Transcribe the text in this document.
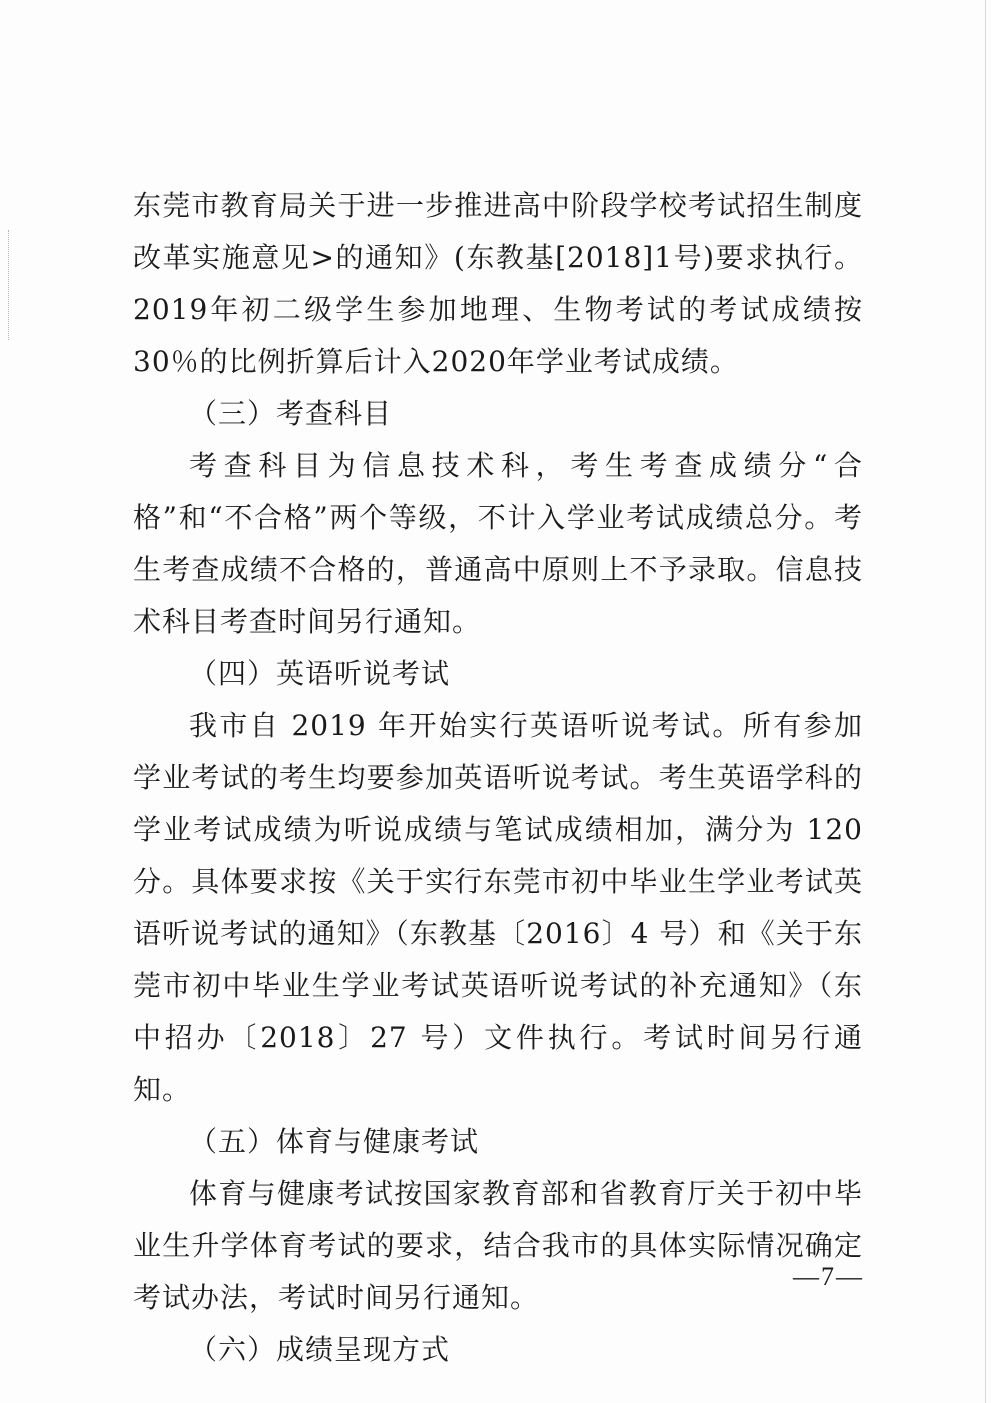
东莞市教育局关于进一步推进高中阶段学校考试招生制度改革实施意见>的通知》(东教基[2018]1号)要求执行。2019年初二级学生参加地理、生物考试的考试成绩按 30％的比例折算后计入2020年学业考试成绩。

（三）考查科目

考查科目为信息技术科，考生考查成绩分“合格”和“不合格”两个等级，不计入学业考试成绩总分。考生考查成绩不合格的，普通高中原则上不予录取。信息技术科目考查时间另行通知。

（四）英语听说考试

我市自 2019 年开始实行英语听说考试。所有参加学业考试的考生均要参加英语听说考试。考生英语学科的学业考试成绩为听说成绩与笔试成绩相加，满分为 120 分。具体要求按《关于实行东莞市初中毕业生学业考试英语听说考试的通知》（东教基〔2016〕4 号）和《关于东莞市初中毕业生学业考试英语听说考试的补充通知》（东中招办〔2018〕27 号）文件执行。考试时间另行通知。

（五）体育与健康考试

体育与健康考试按国家教育部和省教育厅关于初中毕业生升学体育考试的要求，结合我市的具体实际情况确定考试办法，考试时间另行通知。

（六）成绩呈现方式

—7—
